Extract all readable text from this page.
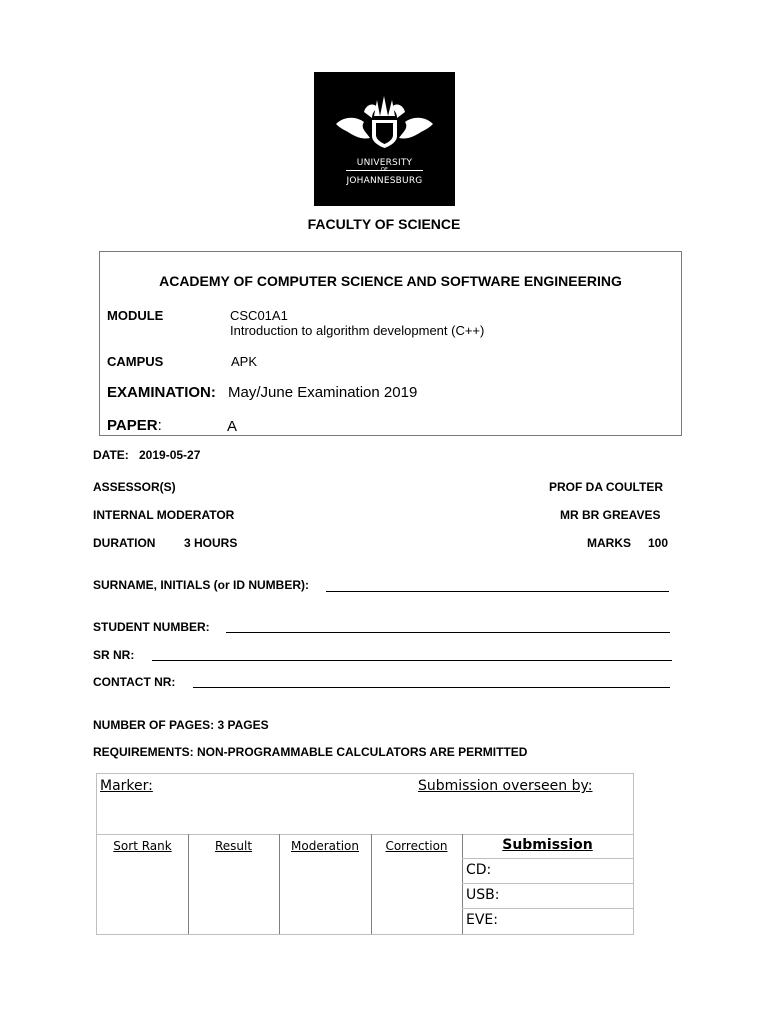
UNIVERSITY
OF
JOHANNESBURG
FACULTY OF SCIENCE
ACADEMY OF COMPUTER SCIENCE AND SOFTWARE ENGINEERING
MODULE	CSC01A1
Introduction to algorithm development (C++)
CAMPUS	APK
EXAMINATION: May/June Examination 2019
PAPER:	A
DATE: 2019-05-27
ASSESSOR(S)	PROF DA COULTER
INTERNAL MODERATOR	MR BR GREAVES
DURATION 3 HOURS	MARKS 100
SURNAME, INITIALS (or ID NUMBER):
STUDENT NUMBER:
SR NR:
CONTACT NR:
NUMBER OF PAGES: 3 PAGES
REQUIREMENTS: NON-PROGRAMMABLE CALCULATORS ARE PERMITTED
Marker:	Submission overseen by:
Sort Rank	Result	Moderation	Correction	Submission
CD:
USB:
EVE:
